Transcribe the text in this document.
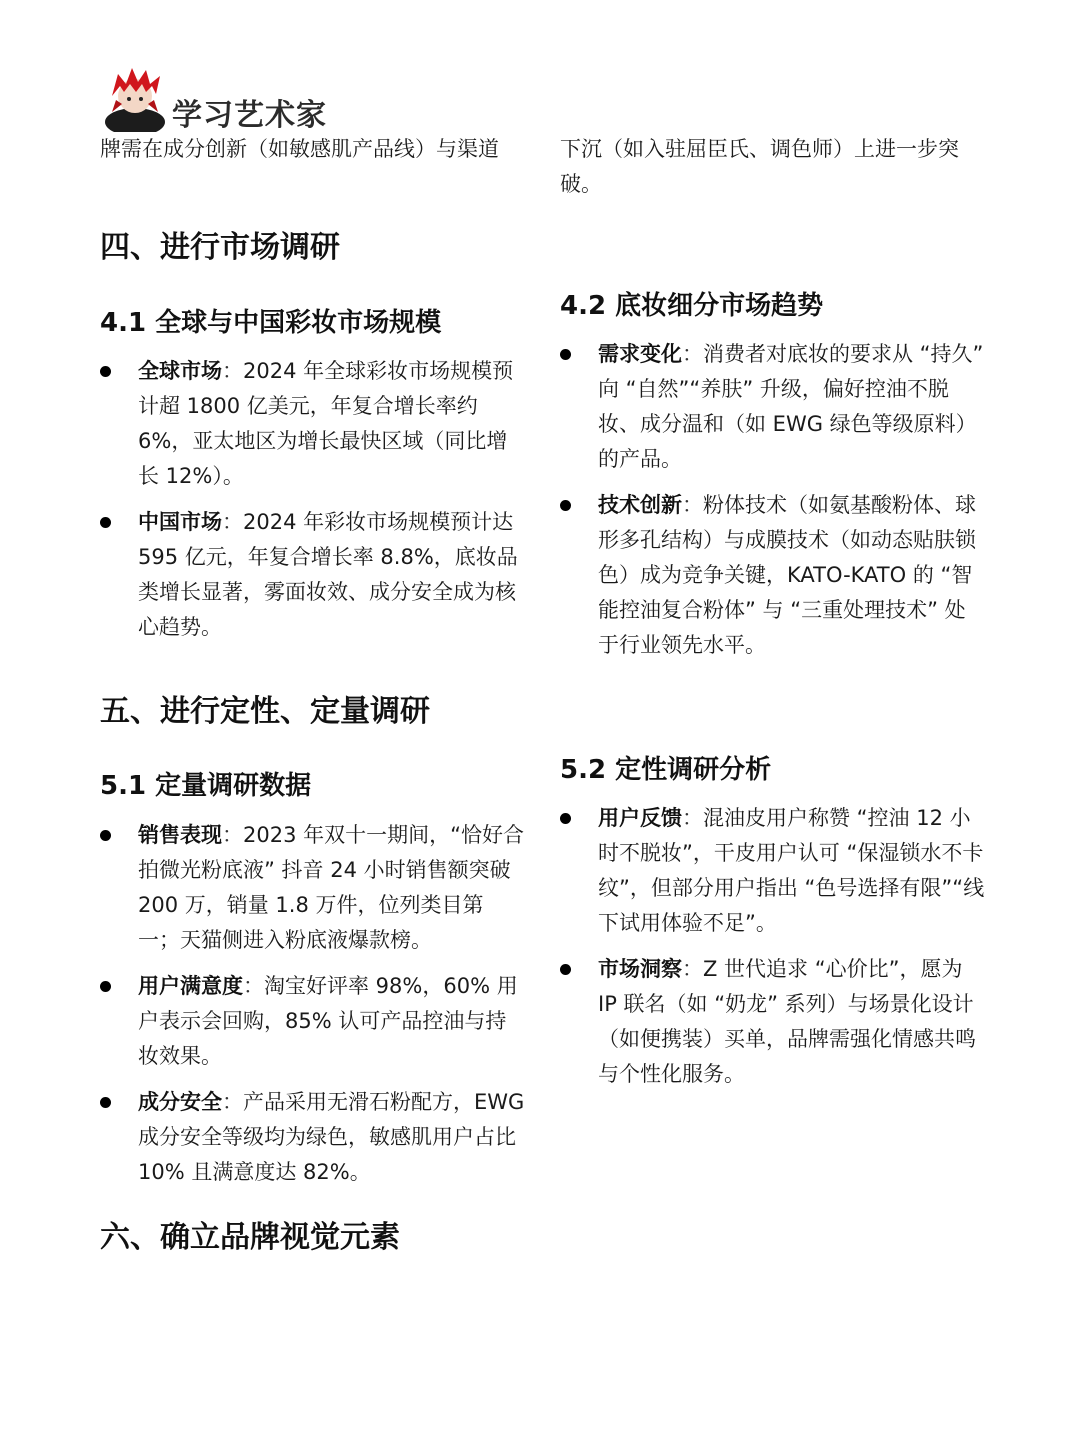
学习艺术家

牌需在成分创新（如敏感肌产品线）与渠道	下沉（如入驻屈臣氏、调色师）上进一步突破。

四、进行市场调研
4.1 全球与中国彩妆市场规模
全球市场：2024 年全球彩妆市场规模预计超 1800 亿美元，年复合增长率约 6%，亚太地区为增长最快区域（同比增长 12%）。
中国市场：2024 年彩妆市场规模预计达 595 亿元，年复合增长率 8.8%，底妆品类增长显著，雾面妆效、成分安全成为核心趋势。
4.2 底妆细分市场趋势
需求变化：消费者对底妆的要求从 “持久” 向 “自然”“养肤” 升级，偏好控油不脱妆、成分温和（如 EWG 绿色等级原料）的产品。
技术创新：粉体技术（如氨基酸粉体、球形多孔结构）与成膜技术（如动态贴肤锁色）成为竞争关键，KATO-KATO 的 “智能控油复合粉体” 与 “三重处理技术” 处于行业领先水平。
五、进行定性、定量调研
5.1 定量调研数据
销售表现：2023 年双十一期间，“恰好合拍微光粉底液” 抖音 24 小时销售额突破 200 万，销量 1.8 万件，位列类目第一；天猫侧进入粉底液爆款榜。
用户满意度：淘宝好评率 98%，60% 用户表示会回购，85% 认可产品控油与持妆效果。
成分安全：产品采用无滑石粉配方，EWG 成分安全等级均为绿色，敏感肌用户占比 10% 且满意度达 82%。
5.2 定性调研分析
用户反馈：混油皮用户称赞 “控油 12 小时不脱妆”，干皮用户认可 “保湿锁水不卡纹”，但部分用户指出 “色号选择有限”“线下试用体验不足”。
市场洞察：Z 世代追求 “心价比”，愿为 IP 联名（如 “奶龙” 系列）与场景化设计（如便携装）买单，品牌需强化情感共鸣与个性化服务。
六、确立品牌视觉元素
